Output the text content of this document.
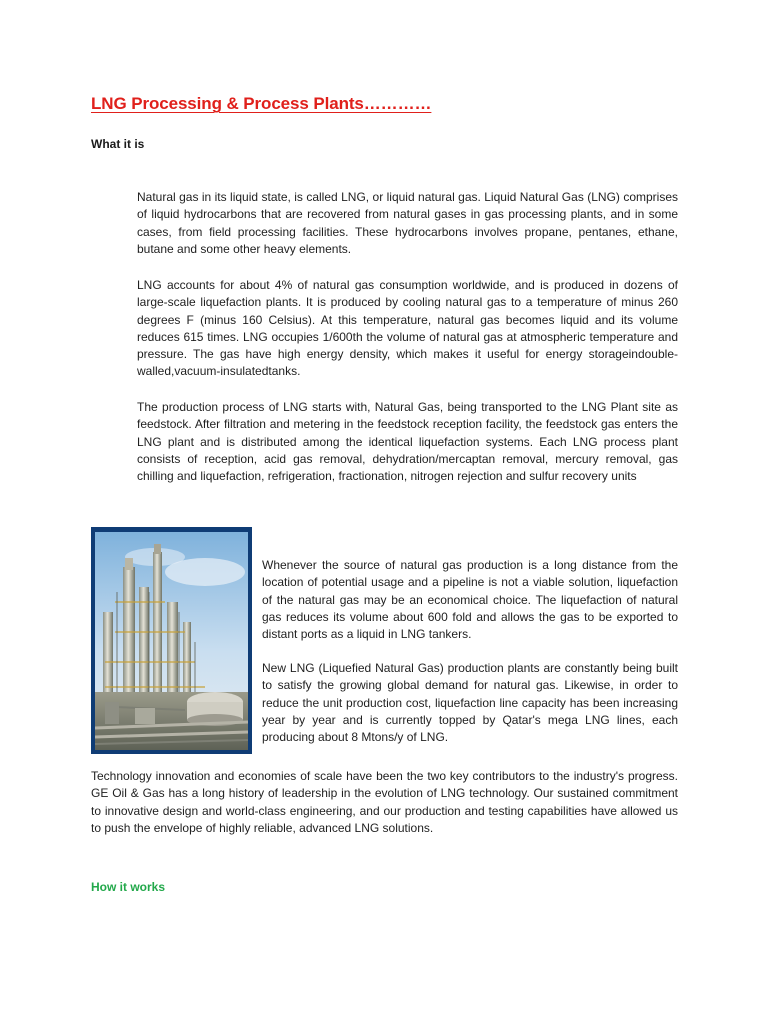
LNG Processing & Process Plants…………
What it is

Natural gas in its liquid state, is called LNG, or liquid natural gas. Liquid Natural Gas (LNG) comprises of liquid hydrocarbons that are recovered from natural gases in gas processing plants, and in some cases, from field processing facilities. These hydrocarbons involves propane, pentanes, ethane, butane and some other heavy elements.

LNG accounts for about 4% of natural gas consumption worldwide, and is produced in dozens of large-scale liquefaction plants. It is produced by cooling natural gas to a temperature of minus 260 degrees F (minus 160 Celsius). At this temperature, natural gas becomes liquid and its volume reduces 615 times. LNG occupies 1/600th the volume of natural gas at atmospheric temperature and pressure. The gas have high energy density, which makes it useful for energy storageindouble-walled,vacuum-insulatedtanks.

The production process of LNG starts with, Natural Gas, being transported to the LNG Plant site as feedstock. After filtration and metering in the feedstock reception facility, the feedstock gas enters the LNG plant and is distributed among the identical liquefaction systems. Each LNG process plant consists of reception, acid gas removal, dehydration/mercaptan removal, mercury removal, gas chilling and liquefaction, refrigeration, fractionation, nitrogen rejection and sulfur recovery units

Whenever the source of natural gas production is a long distance from the location of potential usage and a pipeline is not a viable solution, liquefaction of the natural gas may be an economical choice. The liquefaction of natural gas reduces its volume about 600 fold and allows the gas to be exported to distant ports as a liquid in LNG tankers.

New LNG (Liquefied Natural Gas) production plants are constantly being built to satisfy the growing global demand for natural gas. Likewise, in order to reduce the unit production cost, liquefaction line capacity has been increasing year by year and is currently topped by Qatar's mega LNG lines, each producing about 8 Mtons/y of LNG.

Technology innovation and economies of scale have been the two key contributors to the industry's progress. GE Oil & Gas has a long history of leadership in the evolution of LNG technology. Our sustained commitment to innovative design and world-class engineering, and our production and testing capabilities have allowed us to push the envelope of highly reliable, advanced LNG solutions.

How it works
